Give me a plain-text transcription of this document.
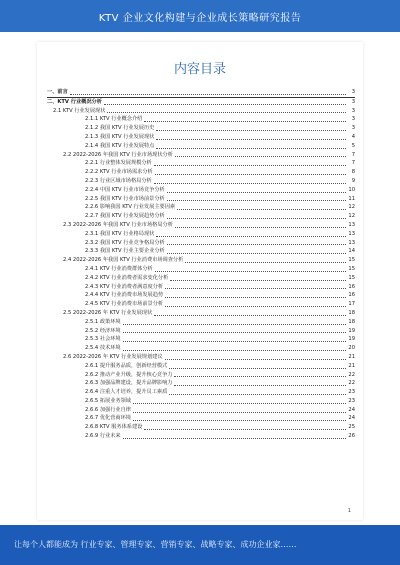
KTV 企业文化构建与企业成长策略研究报告
内容目录
一、前言	3
二、KTV 行业概况分析	3
2.1 KTV 行业发展现状	3
2.1.1 KTV 行业概念介绍	3
2.1.2 我国 KTV 行业发展历史	3
2.1.3 我国 KTV 行业发展现状	4
2.1.4 我国 KTV 行业发展特点	5
2.2 2022-2026 年我国 KTV 行业市场现状分析	7
2.2.1 行业整体发展规模分析	7
2.2.2 KTV 行业市场需求分析	8
2.2.3 行业区域市场格局分析	9
2.2.4 中国 KTV 行业市场竞争分析	10
2.2.5 我国 KTV 行业市场前景分析	11
2.2.6 影响我国 KTV 行业发展主要因素	12
2.2.7 我国 KTV 行业发展趋势分析	12
2.3 2022-2026 年我国 KTV 行业市场格局分析	13
2.3.1 我国 KTV 行业格局现状	13
2.3.2 我国 KTV 行业竞争格局分析	13
2.3.3 我国 KTV 行业主要企业分析	14
2.4 2022-2026 年我国 KTV 行业消费市场调查分析	15
2.4.1 KTV 行业消费群体分析	15
2.4.2 KTV 行业消费者需求变化分析	15
2.4.3 KTV 行业消费者满意度分析	16
2.4.4 KTV 行业消费市场发展趋势	16
2.4.5 KTV 行业消费市场前景分析	17
2.5 2022-2026 年 KTV 行业发展现状	18
2.5.1 政策环境	18
2.5.2 经济环境	19
2.5.3 社会环境	19
2.5.4 技术环境	20
2.6 2022-2026 年 KTV 行业发展规划建议	21
2.6.1 提升服务品质，创新经营模式	21
2.6.2 推动产业升级，提升核心竞争力	22
2.6.3 加强品牌建设，提升品牌影响力	22
2.6.4 注重人才培养，提升员工素质	23
2.6.5 拓展业务领域	23
2.6.6 加强行业自律	24
2.6.7 优化营商环境	24
2.6.8 KTV 服务体系建设	25
2.6.9 行业未来	26
1
让每个人都能成为 行业专家、管理专家、营销专家、战略专家、成功企业家……
